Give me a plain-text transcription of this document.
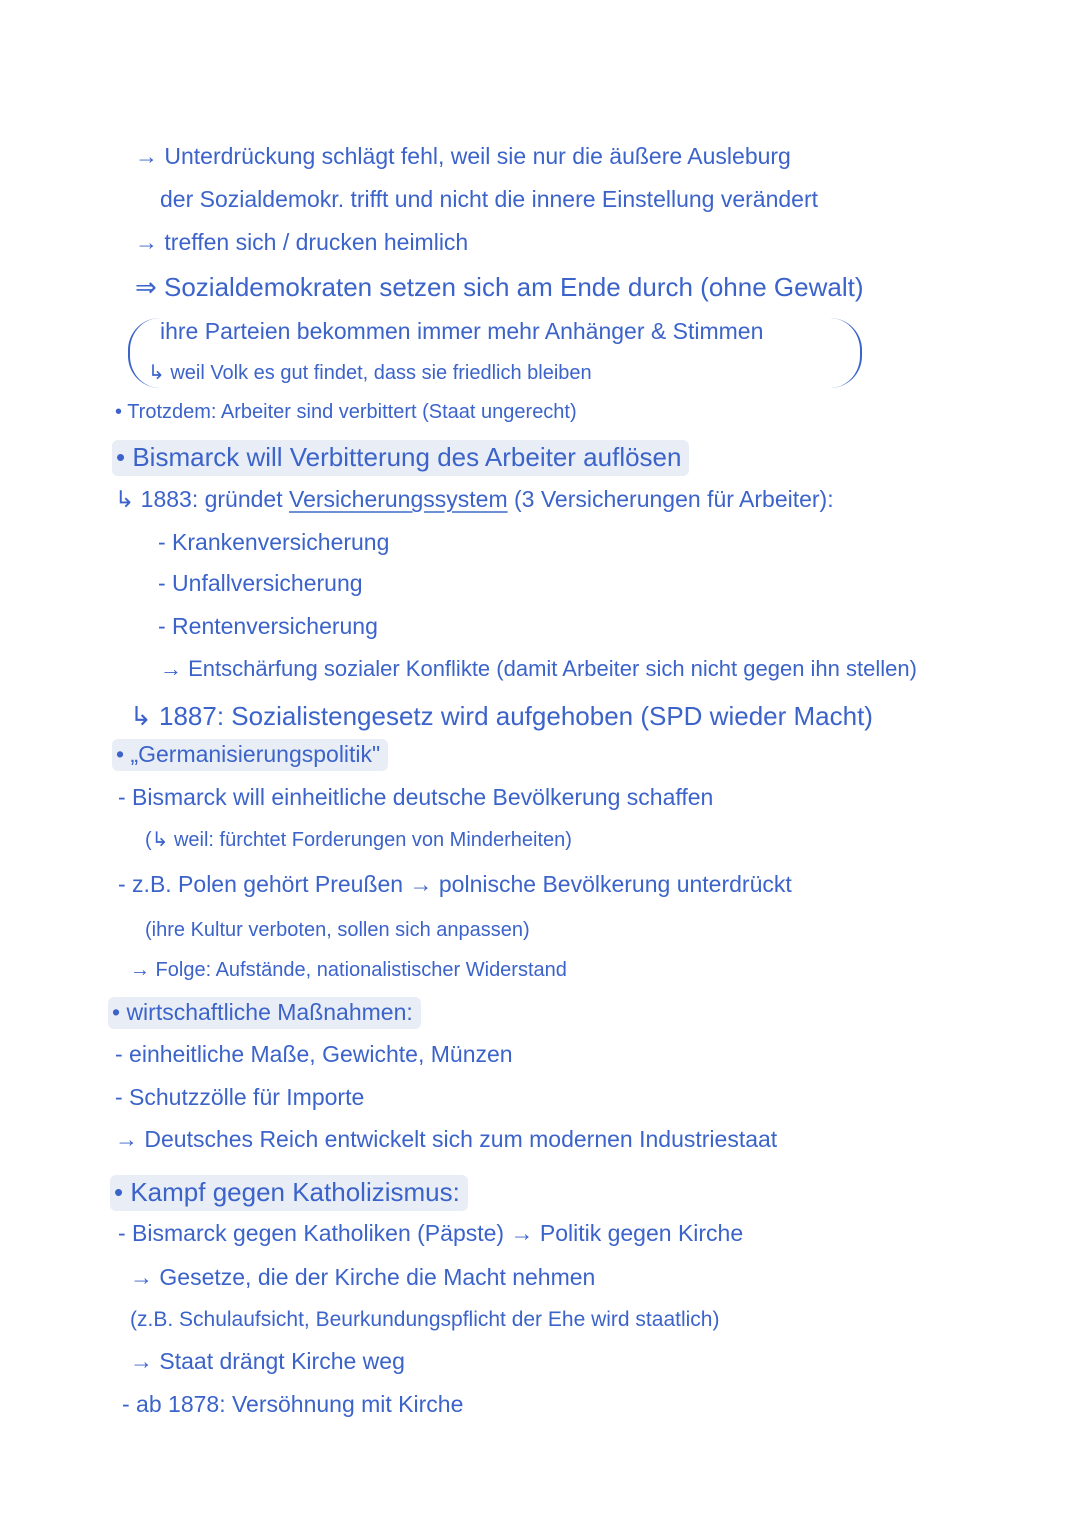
→ Unterdrückung schlägt fehl, weil sie nur die äußere Ausleburg
der Sozialdemokr. trifft und nicht die innere Einstellung verändert
→ treffen sich / drucken heimlich
⇒ Sozialdemokraten setzen sich am Ende durch (ohne Gewalt)
ihre Parteien bekommen immer mehr Anhänger & Stimmen
↳ weil Volk es gut findet, dass sie friedlich bleiben
• Trotzdem: Arbeiter sind verbittert (Staat ungerecht)
• Bismarck will Verbitterung des Arbeiter auflösen
↳ 1883: gründet Versicherungssystem (3 Versicherungen für Arbeiter):
- Krankenversicherung
- Unfallversicherung
- Rentenversicherung
→ Entschärfung sozialer Konflikte (damit Arbeiter sich nicht gegen ihn stellen)
↳ 1887: Sozialistengesetz wird aufgehoben (SPD wieder Macht)
• „Germanisierungspolitik"
- Bismarck will einheitliche deutsche Bevölkerung schaffen
(↳ weil: fürchtet Forderungen von Minderheiten)
- z.B. Polen gehört Preußen → polnische Bevölkerung unterdrückt
(ihre Kultur verboten, sollen sich anpassen)
→ Folge: Aufstände, nationalistischer Widerstand
• wirtschaftliche Maßnahmen:
- einheitliche Maße, Gewichte, Münzen
- Schutzzölle für Importe
→ Deutsches Reich entwickelt sich zum modernen Industriestaat
• Kampf gegen Katholizismus:
- Bismarck gegen Katholiken (Päpste) → Politik gegen Kirche
→ Gesetze, die der Kirche die Macht nehmen
(z.B. Schulaufsicht, Beurkundungspflicht der Ehe wird staatlich)
→ Staat drängt Kirche weg
- ab 1878: Versöhnung mit Kirche
